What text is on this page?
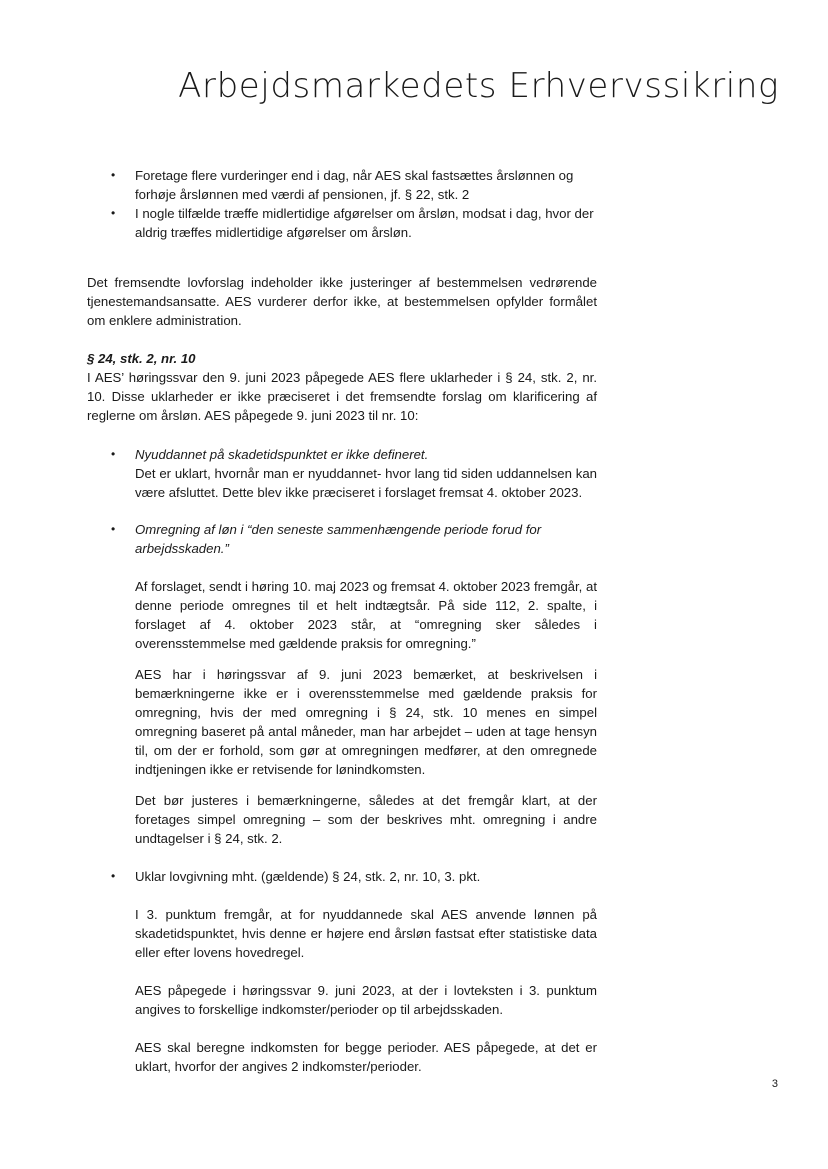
Arbejdsmarkedets Erhvervssikring
• Foretage flere vurderinger end i dag, når AES skal fastsættes årslønnen og forhøje årslønnen med værdi af pensionen, jf. § 22, stk. 2

• I nogle tilfælde træffe midlertidige afgørelser om årsløn, modsat i dag, hvor der aldrig træffes midlertidige afgørelser om årsløn.

Det fremsendte lovforslag indeholder ikke justeringer af bestemmelsen vedrørende tjenestemandsansatte. AES vurderer derfor ikke, at bestemmelsen opfylder formålet om enklere administration.

§ 24, stk. 2, nr. 10

I AES’ høringssvar den 9. juni 2023 påpegede AES flere uklarheder i § 24, stk. 2, nr. 10. Disse uklarheder er ikke præciseret i det fremsendte forslag om klarificering af reglerne om årsløn. AES påpegede 9. juni 2023 til nr. 10:

• Nyuddannet på skadetidspunktet er ikke defineret.

Det er uklart, hvornår man er nyuddannet- hvor lang tid siden uddannelsen kan være afsluttet. Dette blev ikke præciseret i forslaget fremsat 4. oktober 2023.

• Omregning af løn i “den seneste sammenhængende periode forud for arbejdsskaden.”

Af forslaget, sendt i høring 10. maj 2023 og fremsat 4. oktober 2023 fremgår, at denne periode omregnes til et helt indtægtsår. På side 112, 2. spalte, i forslaget af 4. oktober 2023 står, at “omregning sker således i overensstemmelse med gældende praksis for omregning.”

AES har i høringssvar af 9. juni 2023 bemærket, at beskrivelsen i bemærkningerne ikke er i overensstemmelse med gældende praksis for omregning, hvis der med omregning i § 24, stk. 10 menes en simpel omregning baseret på antal måneder, man har arbejdet – uden at tage hensyn til, om der er forhold, som gør at omregningen medfører, at den omregnede indtjeningen ikke er retvisende for lønindkomsten.

Det bør justeres i bemærkningerne, således at det fremgår klart, at der foretages simpel omregning – som der beskrives mht. omregning i andre undtagelser i § 24, stk. 2.

• Uklar lovgivning mht. (gældende) § 24, stk. 2, nr. 10, 3. pkt.

I 3. punktum fremgår, at for nyuddannede skal AES anvende lønnen på skadetidspunktet, hvis denne er højere end årsløn fastsat efter statistiske data eller efter lovens hovedregel.

AES påpegede i høringssvar 9. juni 2023, at der i lovteksten i 3. punktum angives to forskellige indkomster/perioder op til arbejdsskaden.

AES skal beregne indkomsten for begge perioder. AES påpegede, at det er uklart, hvorfor der angives 2 indkomster/perioder.

3
